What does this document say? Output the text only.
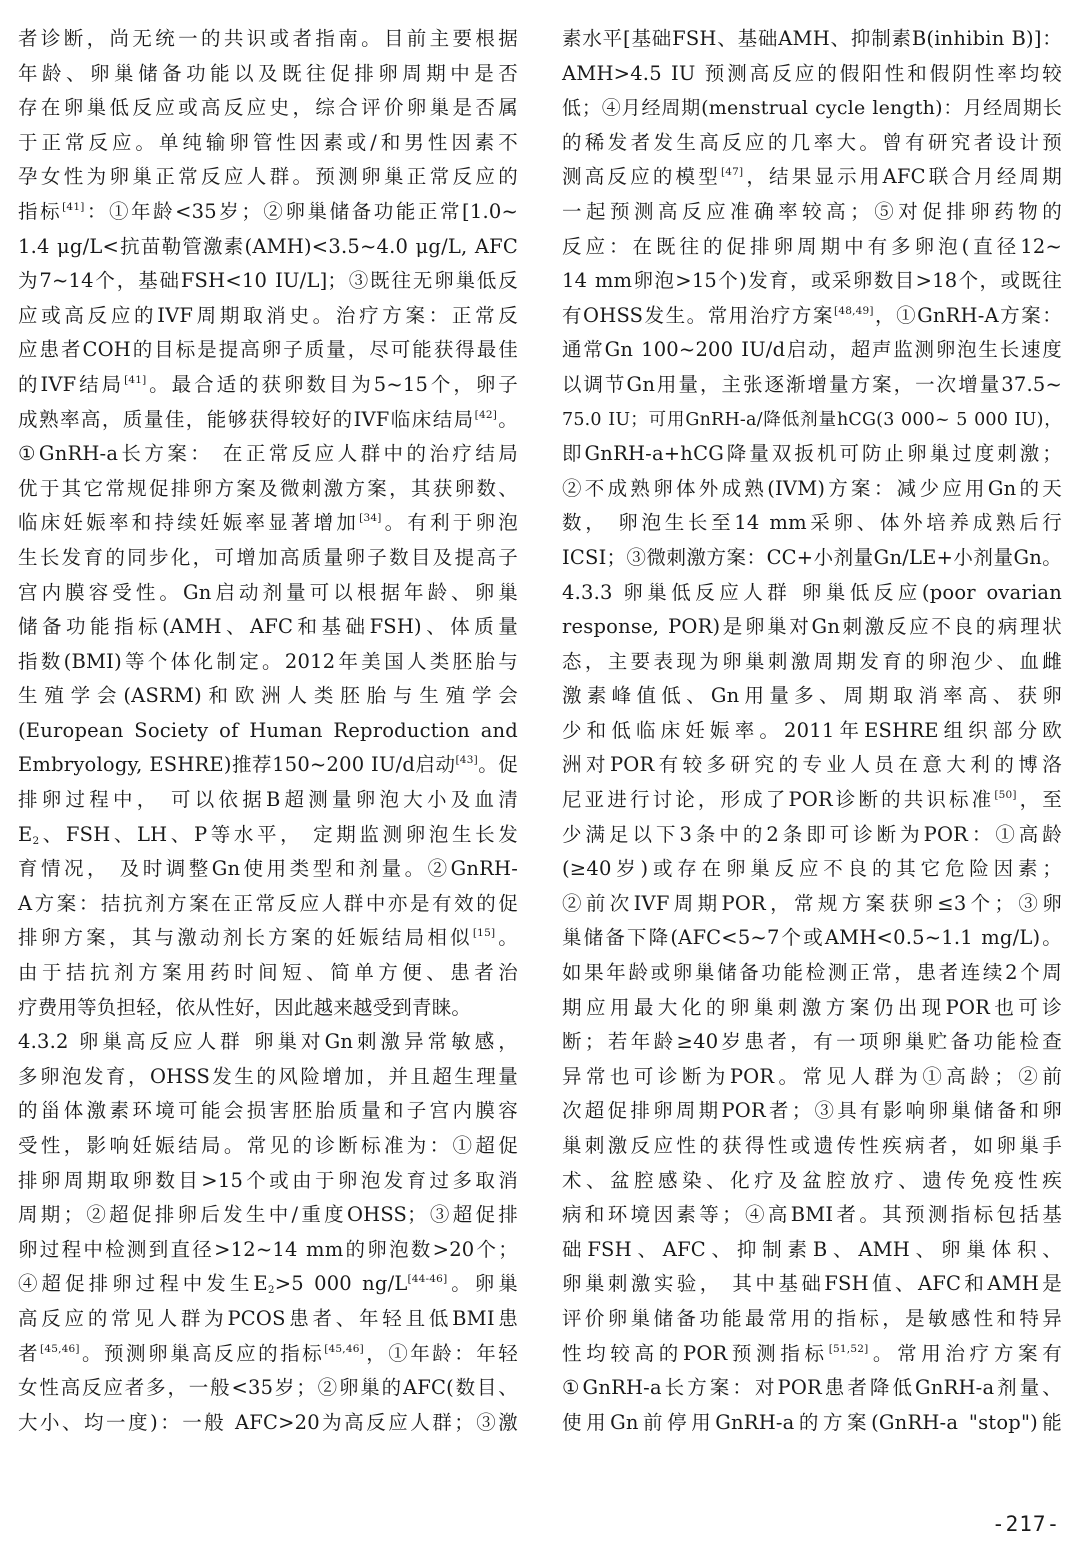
者诊断，尚无统一的共识或者指南。目前主要根据
年龄、卵巢储备功能以及既往促排卵周期中是否
存在卵巢低反应或高反应史，综合评价卵巢是否属
于正常反应。单纯输卵管性因素或/和男性因素不
孕女性为卵巢正常反应人群。预测卵巢正常反应的
指标[41]：①年龄<35岁；②卵巢储备功能正常[1.0~
1.4 μg/L<抗苗勒管激素(AMH)<3.5~4.0 μg/L, AFC
为7~14个，基础FSH<10 IU/L]；③既往无卵巢低反
应或高反应的IVF周期取消史。治疗方案：正常反
应患者COH的目标是提高卵子质量，尽可能获得最佳
的IVF结局[41]。最合适的获卵数目为5~15个，卵子
成熟率高，质量佳，能够获得较好的IVF临床结局[42]。
①GnRH-a长方案： 在正常反应人群中的治疗结局
优于其它常规促排卵方案及微刺激方案，其获卵数、
临床妊娠率和持续妊娠率显著增加[34]。有利于卵泡
生长发育的同步化，可增加高质量卵子数目及提高子
宫内膜容受性。Gn启动剂量可以根据年龄、卵巢
储备功能指标(AMH、AFC和基础FSH)、体质量
指数(BMI)等个体化制定。2012年美国人类胚胎与
生殖学会(ASRM)和欧洲人类胚胎与生殖学会
(European Society of Human Reproduction and
Embryology, ESHRE)推荐150~200 IU/d启动[43]。促
排卵过程中， 可以依据B超测量卵泡大小及血清
$E_2$、FSH、LH、P等水平， 定期监测卵泡生长发
育情况， 及时调整Gn使用类型和剂量。②GnRH-
A方案：拮抗剂方案在正常反应人群中亦是有效的促
排卵方案，其与激动剂长方案的妊娠结局相似[15]。
由于拮抗剂方案用药时间短、简单方便、患者治
疗费用等负担轻，依从性好，因此越来越受到青睐。
4.3.2 卵巢高反应人群 卵巢对Gn刺激异常敏感，
多卵泡发育，OHSS发生的风险增加，并且超生理量
的甾体激素环境可能会损害胚胎质量和子宫内膜容
受性，影响妊娠结局。常见的诊断标准为：①超促
排卵周期取卵数目>15个或由于卵泡发育过多取消
周期；②超促排卵后发生中/重度OHSS；③超促排
卵过程中检测到直径>12~14 mm的卵泡数>20个；
④超促排卵过程中发生$E_2>5$ 000 ng/L[44-46]。卵巢
高反应的常见人群为PCOS患者、年轻且低BMI患
者[45,46]。预测卵巢高反应的指标[45,46]，①年龄：年轻
女性高反应者多，一般<35岁；②卵巢的AFC(数目、
大小、均一度)：一般 AFC>20为高反应人群；③激
素水平[基础FSH、基础AMH、抑制素B(inhibin B)]：
AMH>4.5 IU 预测高反应的假阳性和假阴性率均较
低；④月经周期(menstrual cycle length)：月经周期长
的稀发者发生高反应的几率大。曾有研究者设计预
测高反应的模型[47]，结果显示用AFC联合月经周期
一起预测高反应准确率较高；⑤对促排卵药物的
反应：在既往的促排卵周期中有多卵泡(直径12~
14 mm卵泡>15个)发育，或采卵数目>18个，或既往
有OHSS发生。常用治疗方案[48,49]，①GnRH-A方案：
通常Gn 100~200 IU/d启动，超声监测卵泡生长速度
以调节Gn用量，主张逐渐增量方案，一次增量37.5~
75.0 IU；可用GnRH-a/降低剂量hCG(3 000~ 5 000 IU)，
即GnRH-a+hCG降量双扳机可防止卵巢过度刺激；
②不成熟卵体外成熟(IVM)方案：减少应用Gn的天
数， 卵泡生长至14 mm采卵、体外培养成熟后行
ICSI；③微刺激方案：CC+小剂量Gn/LE+小剂量Gn。
4.3.3 卵巢低反应人群 卵巢低反应(poor ovarian
response, POR)是卵巢对Gn刺激反应不良的病理状
态，主要表现为卵巢刺激周期发育的卵泡少、血雌
激素峰值低、Gn用量多、周期取消率高、获卵
少和低临床妊娠率。2011年ESHRE组织部分欧
洲对POR有较多研究的专业人员在意大利的博洛
尼亚进行讨论，形成了POR诊断的共识标准[50]，至
少满足以下3条中的2条即可诊断为POR：①高龄
(≥40岁)或存在卵巢反应不良的其它危险因素；
②前次IVF周期POR，常规方案获卵≤3个；③卵
巢储备下降(AFC<5~7个或AMH<0.5~1.1 mg/L)。
如果年龄或卵巢储备功能检测正常，患者连续2个周
期应用最大化的卵巢刺激方案仍出现POR也可诊
断；若年龄≥40岁患者，有一项卵巢贮备功能检查
异常也可诊断为POR。常见人群为①高龄；②前
次超促排卵周期POR者；③具有影响卵巢储备和卵
巢刺激反应性的获得性或遗传性疾病者，如卵巢手
术、盆腔感染、化疗及盆腔放疗、遗传免疫性疾
病和环境因素等；④高BMI者。其预测指标包括基
础FSH、AFC、抑制素B、AMH、卵巢体积、
卵巢刺激实验， 其中基础FSH值、AFC和AMH是
评价卵巢储备功能最常用的指标，是敏感性和特异
性均较高的POR预测指标[51,52]。常用治疗方案有
①GnRH-a长方案：对POR患者降低GnRH-a剂量、
使用Gn前停用GnRH-a的方案(GnRH-a "stop")能
-217-
